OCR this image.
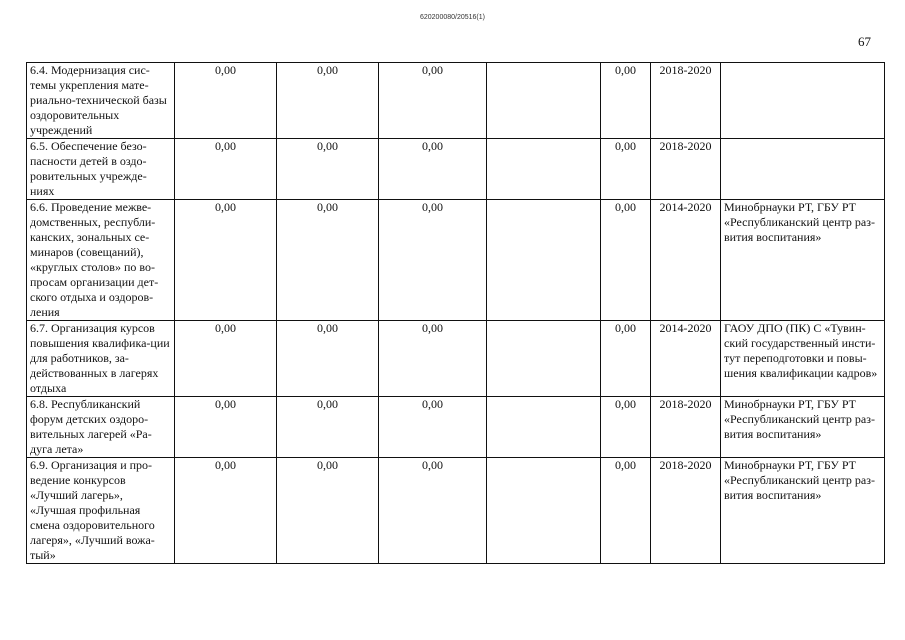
620200080/20516(1)
67
6.4. Модернизация сис-темы укрепления мате-риально-технической базы оздоровительных учреждений	0,00	0,00	0,00		0,00	2018-2020	
6.5. Обеспечение безо-пасности детей в оздо-ровительных учрежде-ниях	0,00	0,00	0,00		0,00	2018-2020	
6.6. Проведение межве-домственных, республи-канских, зональных се-минаров (совещаний), «круглых столов» по во-просам организации дет-ского отдыха и оздоров-ления	0,00	0,00	0,00		0,00	2014-2020	Минобрнауки РТ, ГБУ РТ «Республиканский центр раз-вития воспитания»
6.7. Организация курсов повышения квалифика-ции для работников, за-действованных в лагерях отдыха	0,00	0,00	0,00		0,00	2014-2020	ГАОУ ДПО (ПК) С «Тувин-ский государственный инсти-тут переподготовки и повы-шения квалификации кадров»
6.8. Республиканский форум детских оздоро-вительных лагерей «Ра-дуга лета»	0,00	0,00	0,00		0,00	2018-2020	Минобрнауки РТ, ГБУ РТ «Республиканский центр раз-вития воспитания»
6.9. Организация и про-ведение конкурсов «Лучший лагерь», «Лучшая профильная смена оздоровительного лагеря», «Лучший вожа-тый»	0,00	0,00	0,00		0,00	2018-2020	Минобрнауки РТ, ГБУ РТ «Республиканский центр раз-вития воспитания»
